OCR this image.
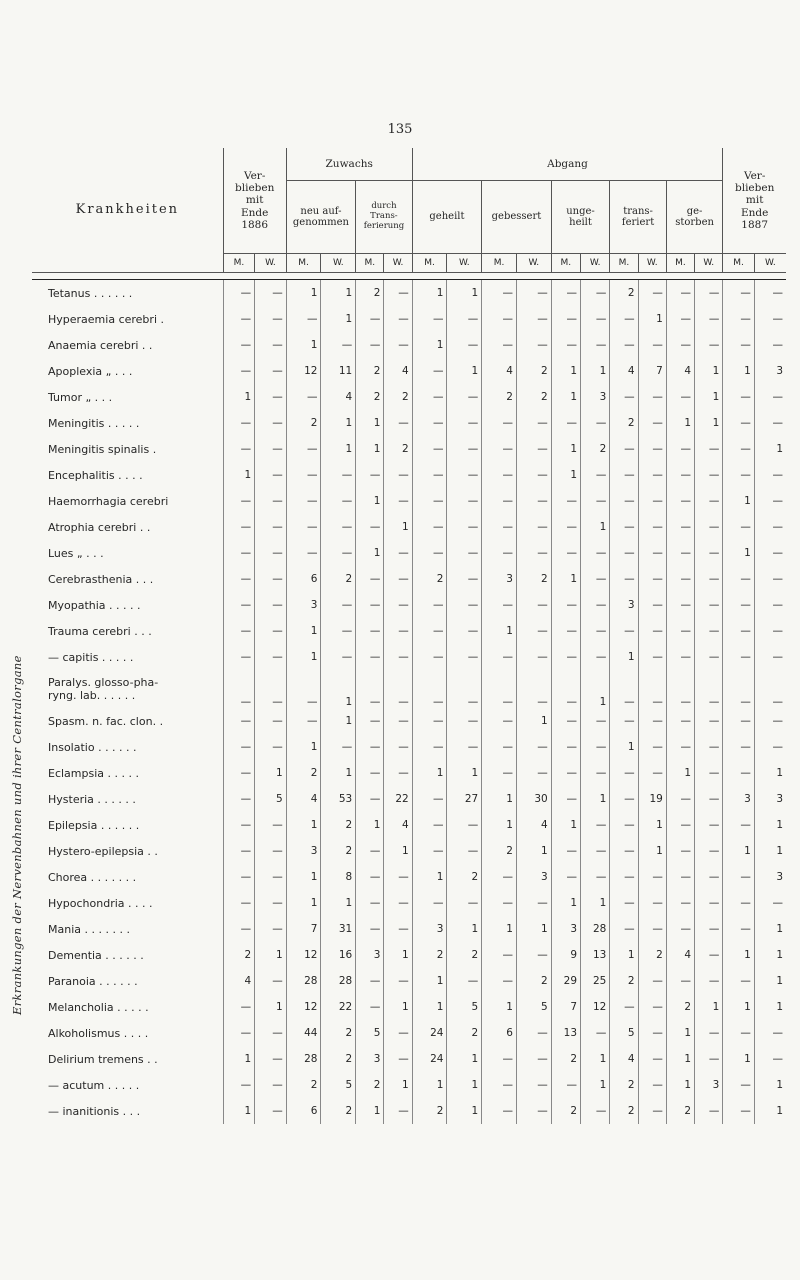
135
Erkrankungen der Nervenbahnen und ihrer Centralorgane
Krankheiten	Ver-
blieben
mit
Ende
1886		Zuwachs				Abgang										Ver-
blieben
mit
Ende
1887	
			neu auf-
genommen		durch
Trans-
ferierung		geheilt		gebessert		unge-
heilt		trans-
feriert		ge-
storben			
	M.	W.	M.	W.	M.	W.	M.	W.	M.	W.	M.	W.	M.	W.	M.	W.	M.	W.

Tetanus . . . . . .	—	—	1	1	2	—	1	1	—	—	—	—	2	—	—	—	—	—

Hyperaemia cerebri .	—	—	—	1	—	—	—	—	—	—	—	—	—	1	—	—	—	—

Anaemia cerebri . .	—	—	1	—	—	—	1	—	—	—	—	—	—	—	—	—	—	—

Apoplexia „ . . .	—	—	12	11	2	4	—	1	4	2	1	1	4	7	4	1	1	3

Tumor „ . . .	1	—	—	4	2	2	—	—	2	2	1	3	—	—	—	1	—	—

Meningitis . . . . .	—	—	2	1	1	—	—	—	—	—	—	—	2	—	1	1	—	—

Meningitis spinalis .	—	—	—	1	1	2	—	—	—	—	1	2	—	—	—	—	—	1

Encephalitis . . . .	1	—	—	—	—	—	—	—	—	—	1	—	—	—	—	—	—	—

Haemorrhagia cerebri	—	—	—	—	1	—	—	—	—	—	—	—	—	—	—	—	1	—

Atrophia cerebri . .	—	—	—	—	—	1	—	—	—	—	—	1	—	—	—	—	—	—

Lues „ . . .	—	—	—	—	1	—	—	—	—	—	—	—	—	—	—	—	1	—

Cerebrasthenia . . .	—	—	6	2	—	—	2	—	3	2	1	—	—	—	—	—	—	—

Myopathia . . . . .	—	—	3	—	—	—	—	—	—	—	—	—	3	—	—	—	—	—

Trauma cerebri . . .	—	—	1	—	—	—	—	—	1	—	—	—	—	—	—	—	—	—

— capitis . . . . .	—	—	1	—	—	—	—	—	—	—	—	—	1	—	—	—	—	—

Paralys. glosso-pha-
ryng. lab. . . . . .	—	—	—	1	—	—	—	—	—	—	—	1	—	—	—	—	—	—

Spasm. n. fac. clon. .	—	—	—	1	—	—	—	—	—	1	—	—	—	—	—	—	—	—

Insolatio . . . . . .	—	—	1	—	—	—	—	—	—	—	—	—	1	—	—	—	—	—

Eclampsia . . . . .	—	1	2	1	—	—	1	1	—	—	—	—	—	—	1	—	—	1

Hysteria . . . . . .	—	5	4	53	—	22	—	27	1	30	—	1	—	19	—	—	3	3

Epilepsia . . . . . .	—	—	1	2	1	4	—	—	1	4	1	—	—	1	—	—	—	1

Hystero-epilepsia . .	—	—	3	2	—	1	—	—	2	1	—	—	—	1	—	—	1	1

Chorea . . . . . . .	—	—	1	8	—	—	1	2	—	3	—	—	—	—	—	—	—	3

Hypochondria . . . .	—	—	1	1	—	—	—	—	—	—	1	1	—	—	—	—	—	—

Mania . . . . . . .	—	—	7	31	—	—	3	1	1	1	3	28	—	—	—	—	—	1

Dementia . . . . . .	2	1	12	16	3	1	2	2	—	—	9	13	1	2	4	—	1	1

Paranoia . . . . . .	4	—	28	28	—	—	1	—	—	2	29	25	2	—	—	—	—	1

Melancholia . . . . .	—	1	12	22	—	1	1	5	1	5	7	12	—	—	2	1	1	1

Alkoholismus . . . .	—	—	44	2	5	—	24	2	6	—	13	—	5	—	1	—	—	—

Delirium tremens . .	1	—	28	2	3	—	24	1	—	—	2	1	4	—	1	—	1	—

— acutum . . . . .	—	—	2	5	2	1	1	1	—	—	—	1	2	—	1	3	—	1

— inanitionis . . .	1	—	6	2	1	—	2	1	—	—	2	—	2	—	2	—	—	1
